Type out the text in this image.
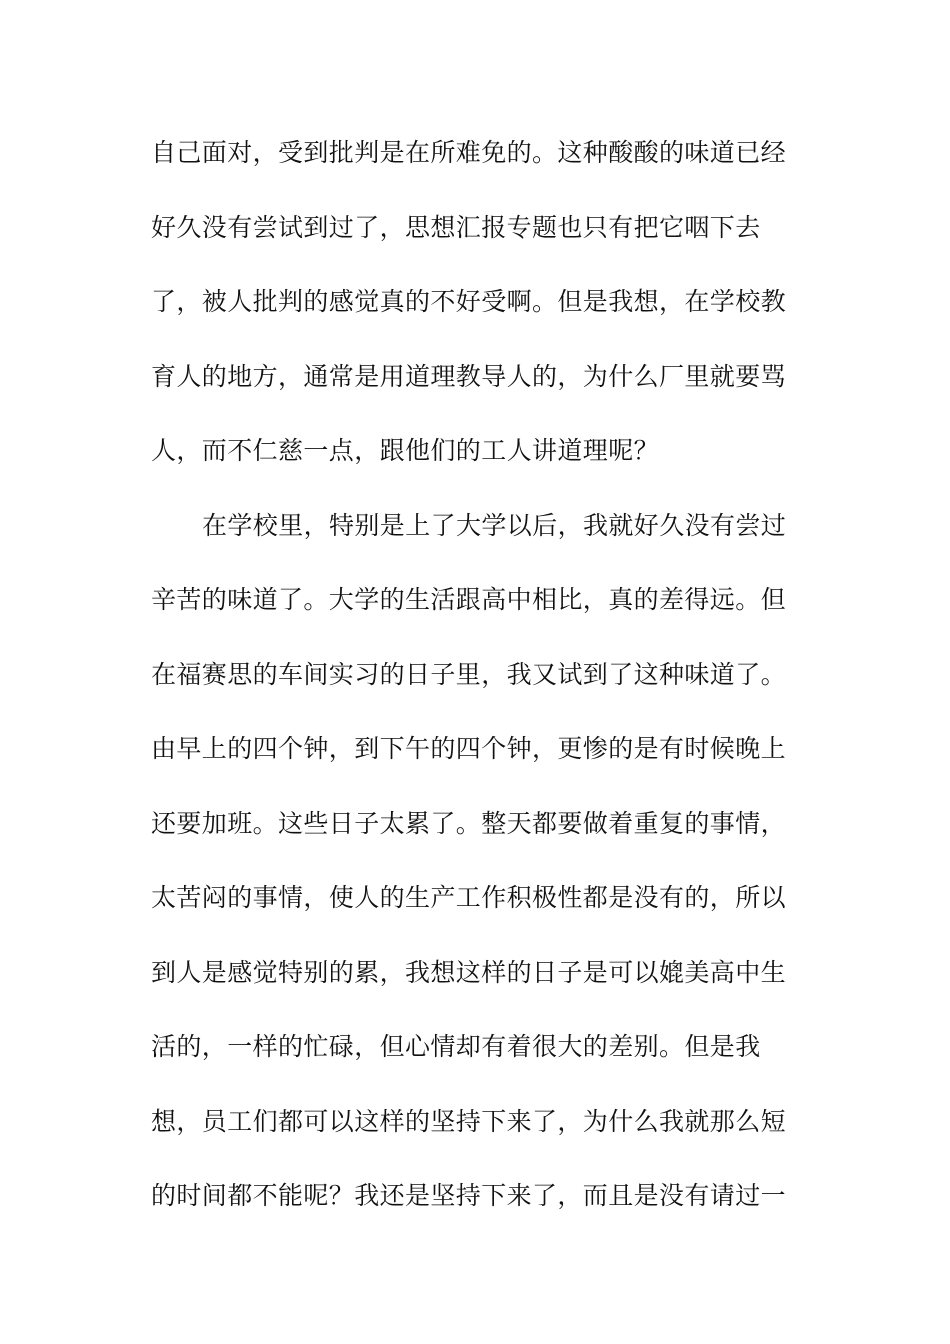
自己面对，受到批判是在所难免的。这种酸酸的味道已经
好久没有尝试到过了，思想汇报专题也只有把它咽下去
了，被人批判的感觉真的不好受啊。但是我想，在学校教
育人的地方，通常是用道理教导人的，为什么厂里就要骂
人，而不仁慈一点，跟他们的工人讲道理呢？
在学校里，特别是上了大学以后，我就好久没有尝过
辛苦的味道了。大学的生活跟高中相比，真的差得远。但
在福赛思的车间实习的日子里，我又试到了这种味道了。
由早上的四个钟，到下午的四个钟，更惨的是有时候晚上
还要加班。这些日子太累了。整天都要做着重复的事情，
太苦闷的事情，使人的生产工作积极性都是没有的，所以
到人是感觉特别的累，我想这样的日子是可以媲美高中生
活的，一样的忙碌，但心情却有着很大的差别。但是我
想，员工们都可以这样的坚持下来了，为什么我就那么短
的时间都不能呢？我还是坚持下来了，而且是没有请过一
